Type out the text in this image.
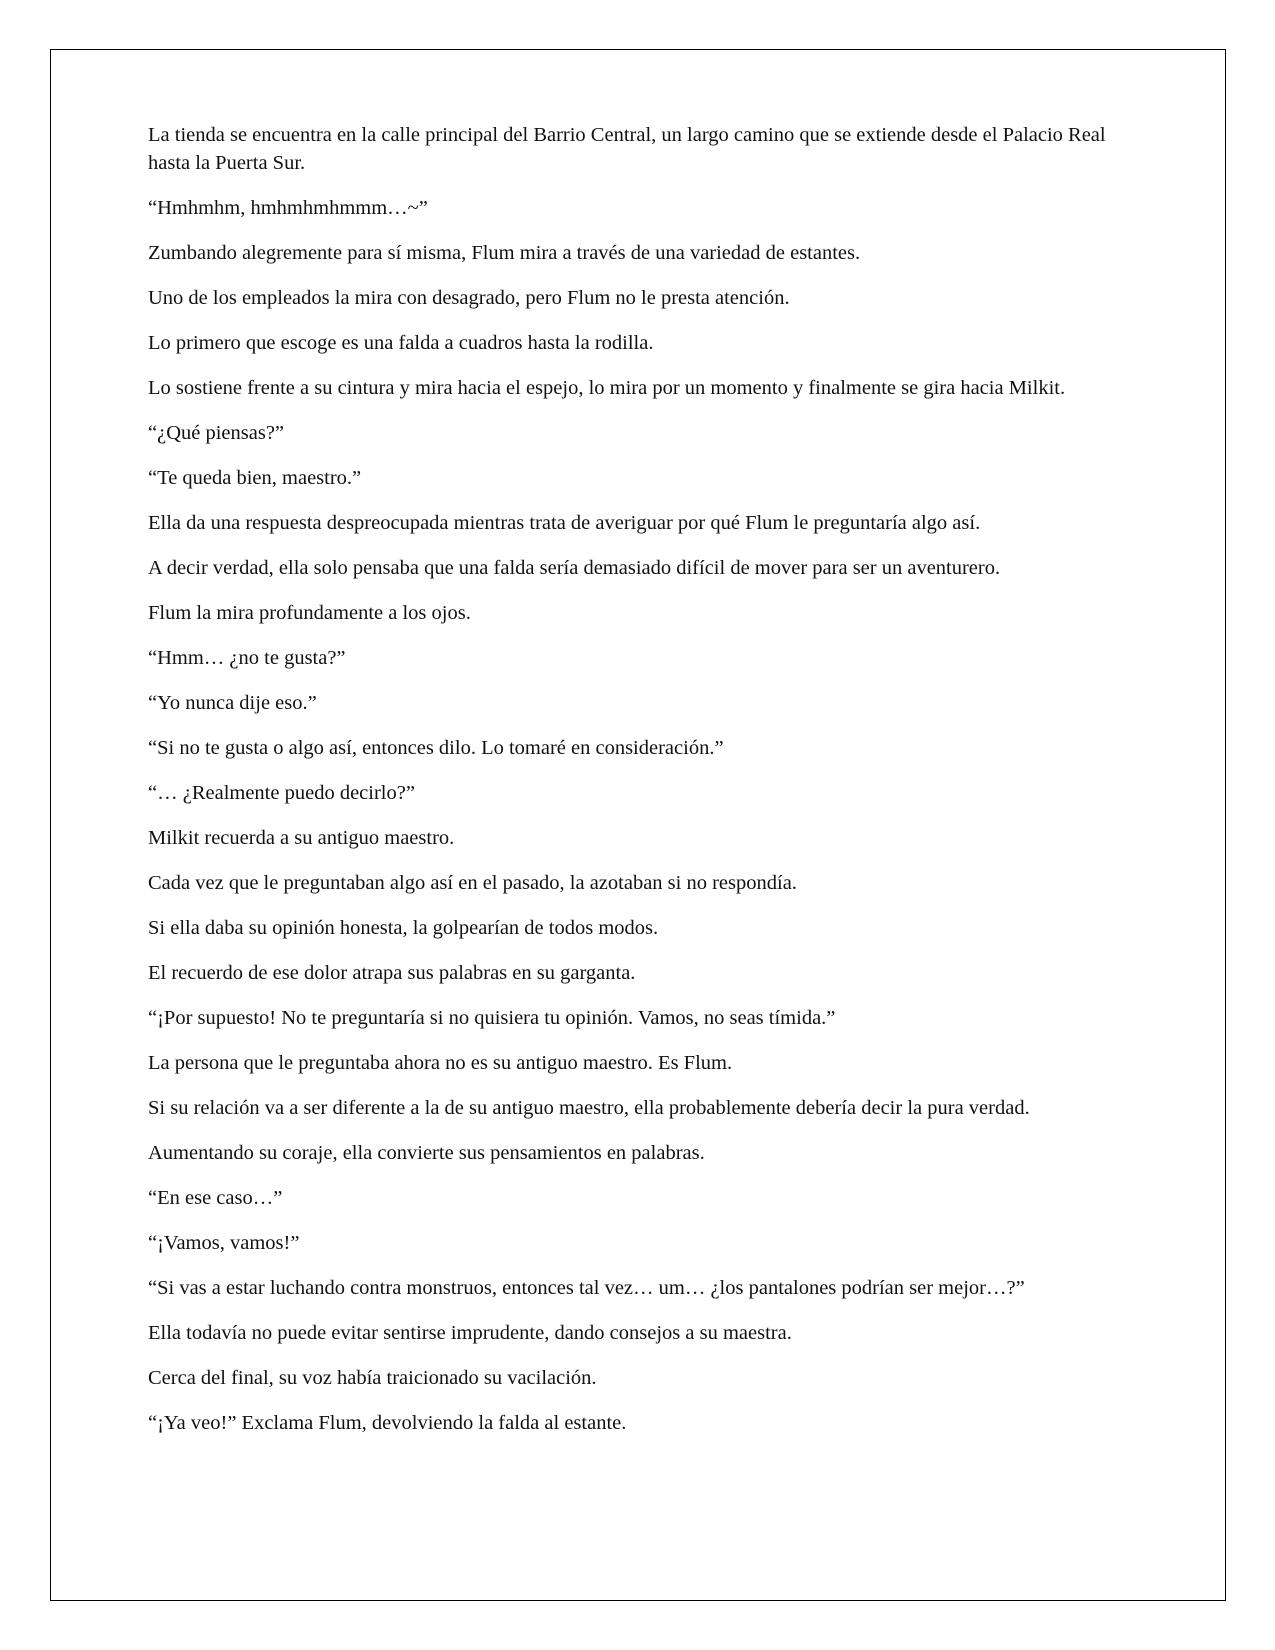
La tienda se encuentra en la calle principal del Barrio Central, un largo camino que se extiende desde el Palacio Real hasta la Puerta Sur.

“Hmhmhm, hmhmhmhmmm…~”

Zumbando alegremente para sí misma, Flum mira a través de una variedad de estantes.

Uno de los empleados la mira con desagrado, pero Flum no le presta atención.

Lo primero que escoge es una falda a cuadros hasta la rodilla.

Lo sostiene frente a su cintura y mira hacia el espejo, lo mira por un momento y finalmente se gira hacia Milkit.

“¿Qué piensas?”

“Te queda bien, maestro.”

Ella da una respuesta despreocupada mientras trata de averiguar por qué Flum le preguntaría algo así.

A decir verdad, ella solo pensaba que una falda sería demasiado difícil de mover para ser un aventurero.

Flum la mira profundamente a los ojos.

“Hmm… ¿no te gusta?”

“Yo nunca dije eso.”

“Si no te gusta o algo así, entonces dilo. Lo tomaré en consideración.”

“… ¿Realmente puedo decirlo?”

Milkit recuerda a su antiguo maestro.

Cada vez que le preguntaban algo así en el pasado, la azotaban si no respondía.

Si ella daba su opinión honesta, la golpearían de todos modos.

El recuerdo de ese dolor atrapa sus palabras en su garganta.

“¡Por supuesto! No te preguntaría si no quisiera tu opinión. Vamos, no seas tímida.”

La persona que le preguntaba ahora no es su antiguo maestro. Es Flum.

Si su relación va a ser diferente a la de su antiguo maestro, ella probablemente debería decir la pura verdad.

Aumentando su coraje, ella convierte sus pensamientos en palabras.

“En ese caso…”

“¡Vamos, vamos!”

“Si vas a estar luchando contra monstruos, entonces tal vez… um… ¿los pantalones podrían ser mejor…?”

Ella todavía no puede evitar sentirse imprudente, dando consejos a su maestra.

Cerca del final, su voz había traicionado su vacilación.

“¡Ya veo!” Exclama Flum, devolviendo la falda al estante.
